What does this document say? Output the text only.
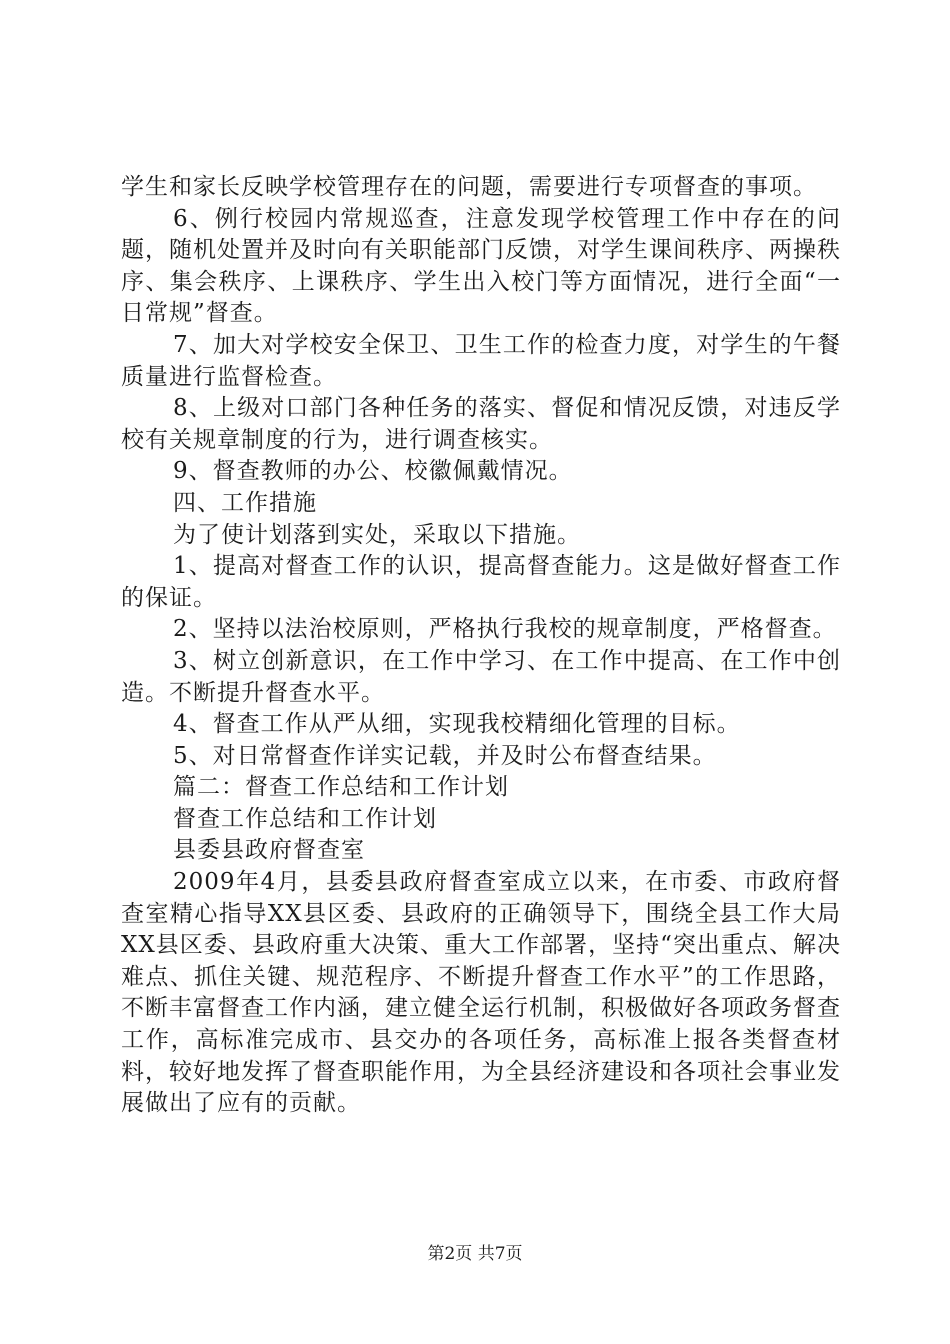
学生和家长反映学校管理存在的问题，需要进行专项督查的事项。

6、例行校园内常规巡查，注意发现学校管理工作中存在的问题，随机处置并及时向有关职能部门反馈，对学生课间秩序、两操秩序、集会秩序、上课秩序、学生出入校门等方面情况，进行全面“一日常规”督查。

7、加大对学校安全保卫、卫生工作的检查力度，对学生的午餐质量进行监督检查。

8、上级对口部门各种任务的落实、督促和情况反馈，对违反学校有关规章制度的行为，进行调查核实。

9、督查教师的办公、校徽佩戴情况。

四、工作措施

为了使计划落到实处，采取以下措施。

1、提高对督查工作的认识，提高督查能力。这是做好督查工作的保证。

2、坚持以法治校原则，严格执行我校的规章制度，严格督查。

3、树立创新意识，在工作中学习、在工作中提高、在工作中创造。不断提升督查水平。

4、督查工作从严从细，实现我校精细化管理的目标。

5、对日常督查作详实记载，并及时公布督查结果。

篇二：督查工作总结和工作计划

督查工作总结和工作计划

县委县政府督查室

2009年4月，县委县政府督查室成立以来，在市委、市政府督查室精心指导XX县区委、县政府的正确领导下，围绕全县工作大局XX县区委、县政府重大决策、重大工作部署，坚持“突出重点、解决难点、抓住关键、规范程序、不断提升督查工作水平”的工作思路，不断丰富督查工作内涵，建立健全运行机制，积极做好各项政务督查工作，高标准完成市、县交办的各项任务，高标准上报各类督查材料，较好地发挥了督查职能作用，为全县经济建设和各项社会事业发展做出了应有的贡献。

第2页 共7页
